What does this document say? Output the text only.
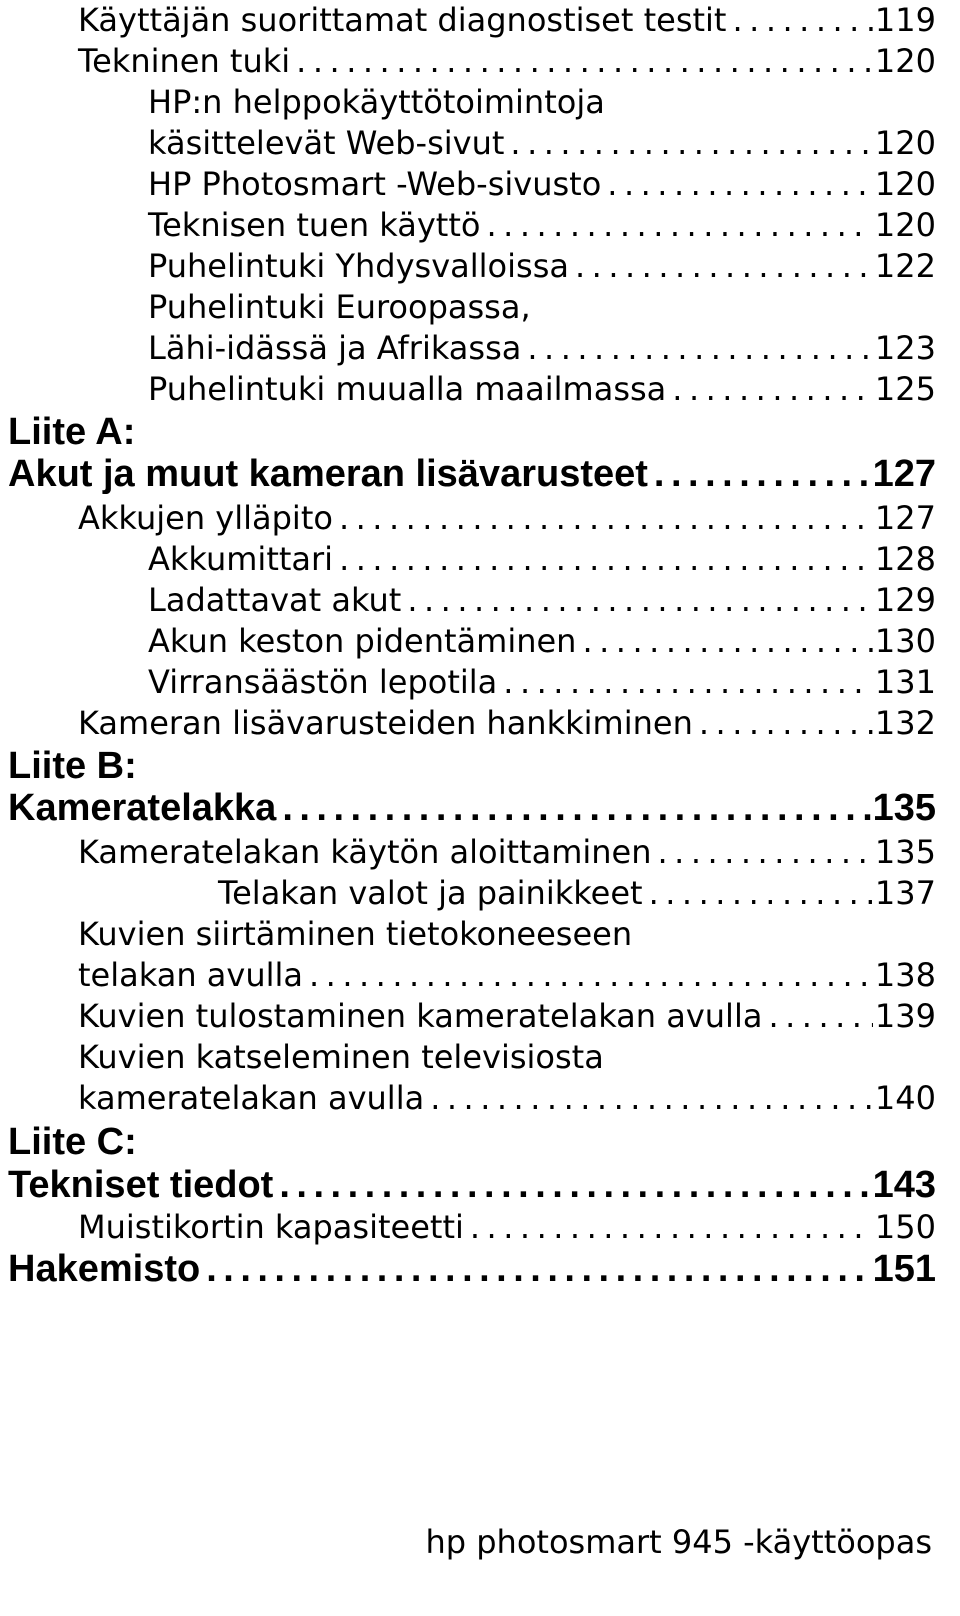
Käyttäjän suorittamat diagnostiset testit .....	119
Tekninen tuki .....	120
HP:n helppokäyttötoimintoja
käsittelevät Web-sivut .....	120
HP Photosmart -Web-sivusto .....	120
Teknisen tuen käyttö .....	120
Puhelintuki Yhdysvalloissa .....	122
Puhelintuki Euroopassa,
Lähi-idässä ja Afrikassa .....	123
Puhelintuki muualla maailmassa .....	125
Liite A:
Akut ja muut kameran lisävarusteet .....	127
Akkujen ylläpito .....	127
Akkumittari .....	128
Ladattavat akut .....	129
Akun keston pidentäminen .....	130
Virransäästön lepotila .....	131
Kameran lisävarusteiden hankkiminen .....	132
Liite B:
Kameratelakka .....	135
Kameratelakan käytön aloittaminen .....	135
Telakan valot ja painikkeet .....	137
Kuvien siirtäminen tietokoneeseen
telakan avulla .....	138
Kuvien tulostaminen kameratelakan avulla .....	139
Kuvien katseleminen televisiosta
kameratelakan avulla .....	140
Liite C:
Tekniset tiedot .....	143
Muistikortin kapasiteetti .....	150
Hakemisto .....	151
hp photosmart 945 -käyttöopas
